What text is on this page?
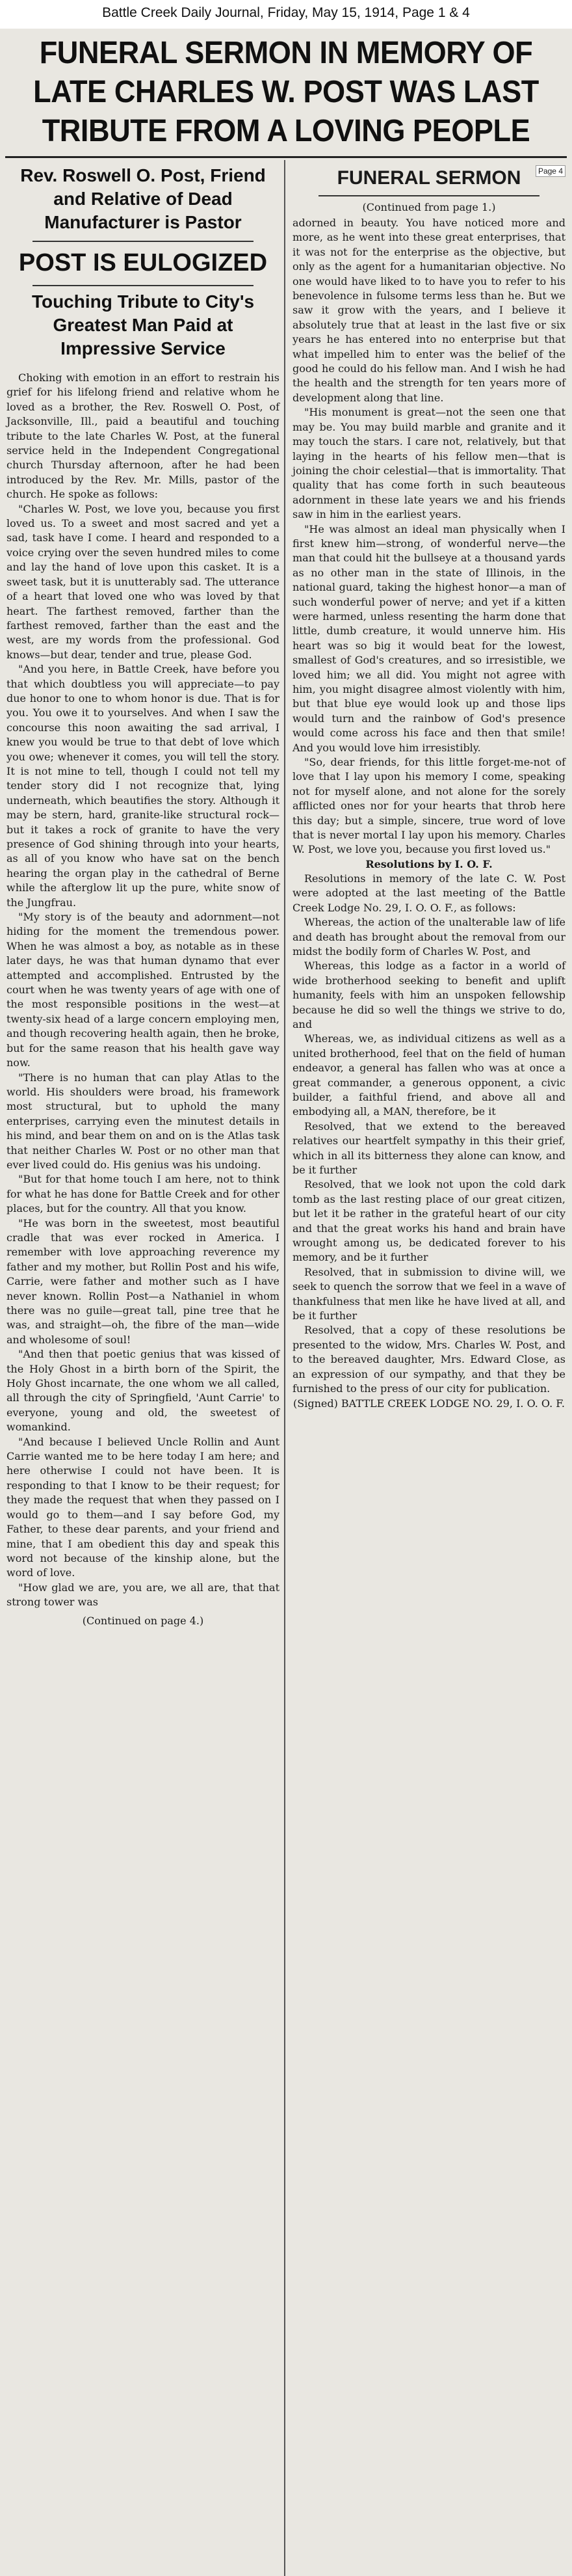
Battle Creek Daily Journal, Friday, May 15, 1914, Page 1 & 4
FUNERAL SERMON IN MEMORY OF
LATE CHARLES W. POST WAS LAST
TRIBUTE FROM A LOVING PEOPLE
Rev. Roswell O. Post, Friend and Relative of Dead Manufacturer is Pastor
POST IS EULOGIZED
Touching Tribute to City's Greatest Man Paid at Impressive Service

Choking with emotion in an effort to restrain his grief for his lifelong friend and relative whom he loved as a brother, the Rev. Roswell O. Post, of Jacksonville, Ill., paid a beautiful and touching tribute to the late Charles W. Post, at the funeral service held in the Independent Congregational church Thursday afternoon, after he had been introduced by the Rev. Mr. Mills, pastor of the church. He spoke as follows:

"Charles W. Post, we love you, because you first loved us. To a sweet and most sacred and yet a sad, task have I come. I heard and responded to a voice crying over the seven hundred miles to come and lay the hand of love upon this casket. It is a sweet task, but it is unutterably sad. The utterance of a heart that loved one who was loved by that heart. The farthest removed, farther than the farthest removed, farther than the east and the west, are my words from the professional. God knows—but dear, tender and true, please God.

"And you here, in Battle Creek, have before you that which doubtless you will appreciate—to pay due honor to one to whom honor is due. That is for you. You owe it to yourselves. And when I saw the concourse this noon awaiting the sad arrival, I knew you would be true to that debt of love which you owe; whenever it comes, you will tell the story. It is not mine to tell, though I could not tell my tender story did I not recognize that, lying underneath, which beautifies the story. Although it may be stern, hard, granite-like structural rock—but it takes a rock of granite to have the very presence of God shining through into your hearts, as all of you know who have sat on the bench hearing the organ play in the cathedral of Berne while the afterglow lit up the pure, white snow of the Jungfrau.

"My story is of the beauty and adornment—not hiding for the moment the tremendous power. When he was almost a boy, as notable as in these later days, he was that human dynamo that ever attempted and accomplished. Entrusted by the court when he was twenty years of age with one of the most responsible positions in the west—at twenty-six head of a large concern employing men, and though recovering health again, then he broke, but for the same reason that his health gave way now.

"There is no human that can play Atlas to the world. His shoulders were broad, his framework most structural, but to uphold the many enterprises, carrying even the minutest details in his mind, and bear them on and on is the Atlas task that neither Charles W. Post or no other man that ever lived could do. His genius was his undoing.

"But for that home touch I am here, not to think for what he has done for Battle Creek and for other places, but for the country. All that you know.

"He was born in the sweetest, most beautiful cradle that was ever rocked in America. I remember with love approaching reverence my father and my mother, but Rollin Post and his wife, Carrie, were father and mother such as I have never known. Rollin Post—a Nathaniel in whom there was no guile—great tall, pine tree that he was, and straight—oh, the fibre of the man—wide and wholesome of soul!

"And then that poetic genius that was kissed of the Holy Ghost in a birth born of the Spirit, the Holy Ghost incarnate, the one whom we all called, all through the city of Springfield, 'Aunt Carrie' to everyone, young and old, the sweetest of womankind.

"And because I believed Uncle Rollin and Aunt Carrie wanted me to be here today I am here; and here otherwise I could not have been. It is responding to that I know to be their request; for they made the request that when they passed on I would go to them—and I say before God, my Father, to these dear parents, and your friend and mine, that I am obedient this day and speak this word not because of the kinship alone, but the word of love.

"How glad we are, you are, we all are, that that strong tower was

(Continued on page 4.)
FUNERAL SERMON	Page 4
(Continued from page 1.)

adorned in beauty. You have noticed more and more, as he went into these great enterprises, that it was not for the enterprise as the objective, but only as the agent for a humanitarian objective. No one would have liked to to have you to refer to his benevolence in fulsome terms less than he. But we saw it grow with the years, and I believe it absolutely true that at least in the last five or six years he has entered into no enterprise but that what impelled him to enter was the belief of the good he could do his fellow man. And I wish he had the health and the strength for ten years more of development along that line.

"His monument is great—not the seen one that may be. You may build marble and granite and it may touch the stars. I care not, relatively, but that laying in the hearts of his fellow men—that is joining the choir celestial—that is immortality. That quality that has come forth in such beauteous adornment in these late years we and his friends saw in him in the earliest years.

"He was almost an ideal man physically when I first knew him—strong, of wonderful nerve—the man that could hit the bullseye at a thousand yards as no other man in the state of Illinois, in the national guard, taking the highest honor—a man of such wonderful power of nerve; and yet if a kitten were harmed, unless resenting the harm done that little, dumb creature, it would unnerve him. His heart was so big it would beat for the lowest, smallest of God's creatures, and so irresistible, we loved him; we all did. You might not agree with him, you might disagree almost violently with him, but that blue eye would look up and those lips would turn and the rainbow of God's presence would come across his face and then that smile! And you would love him irresistibly.

"So, dear friends, for this little forget-me-not of love that I lay upon his memory I come, speaking not for myself alone, and not alone for the sorely afflicted ones nor for your hearts that throb here this day; but a simple, sincere, true word of love that is never mortal I lay upon his memory. Charles W. Post, we love you, because you first loved us."

Resolutions by I. O. F.

Resolutions in memory of the late C. W. Post were adopted at the last meeting of the Battle Creek Lodge No. 29, I. O. O. F., as follows:

Whereas, the action of the unalterable law of life and death has brought about the removal from our midst the bodily form of Charles W. Post, and

Whereas, this lodge as a factor in a world of wide brotherhood seeking to benefit and uplift humanity, feels with him an unspoken fellowship because he did so well the things we strive to do, and

Whereas, we, as individual citizens as well as a united brotherhood, feel that on the field of human endeavor, a general has fallen who was at once a great commander, a generous opponent, a civic builder, a faithful friend, and above all and embodying all, a MAN, therefore, be it

Resolved, that we extend to the bereaved relatives our heartfelt sympathy in this their grief, which in all its bitterness they alone can know, and be it further

Resolved, that we look not upon the cold dark tomb as the last resting place of our great citizen, but let it be rather in the grateful heart of our city and that the great works his hand and brain have wrought among us, be dedicated forever to his memory, and be it further

Resolved, that in submission to divine will, we seek to quench the sorrow that we feel in a wave of thankfulness that men like he have lived at all, and be it further

Resolved, that a copy of these resolutions be presented to the widow, Mrs. Charles W. Post, and to the bereaved daughter, Mrs. Edward Close, as an expression of our sympathy, and that they be furnished to the press of our city for publication.

(Signed) BATTLE CREEK LODGE NO. 29, I. O. O. F.
